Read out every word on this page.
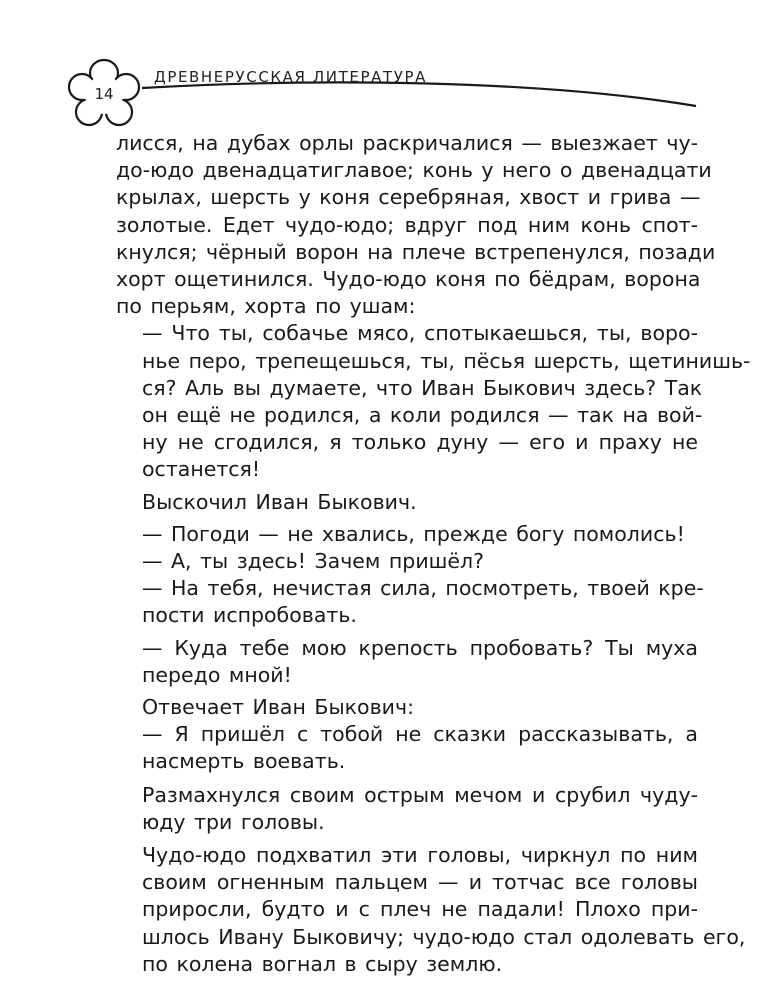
14
ДРЕВНЕРУССКАЯ ЛИТЕРАТУРА

лисся, на дубах орлы раскричалися — выезжает чу-
до-юдо двенадцатиглавое; конь у него о двенадцати
крылах, шерсть у коня серебряная, хвост и грива —
золотые. Едет чудо-юдо; вдруг под ним конь спот-
кнулся; чёрный ворон на плече встрепенулся, позади
хорт ощетинился. Чудо-юдо коня по бёдрам, ворона
по перьям, хорта по ушам:

— Что ты, собачье мясо, спотыкаешься, ты, воро-
нье перо, трепещешься, ты, пёсья шерсть, щетинишь-
ся? Аль вы думаете, что Иван Быкович здесь? Так
он ещё не родился, а коли родился — так на вой-
ну не сгодился, я только дуну — его и праху не
останется!

Выскочил Иван Быкович.

— Погоди — не хвались, прежде богу помолись!

— А, ты здесь! Зачем пришёл?

— На тебя, нечистая сила, посмотреть, твоей кре-
пости испробовать.

— Куда тебе мою крепость пробовать? Ты муха
передо мной!

Отвечает Иван Быкович:

— Я пришёл с тобой не сказки рассказывать, а
насмерть воевать.

Размахнулся своим острым мечом и срубил чуду-
юду три головы.

Чудо-юдо подхватил эти головы, чиркнул по ним
своим огненным пальцем — и тотчас все головы
приросли, будто и с плеч не падали! Плохо при-
шлось Ивану Быковичу; чудо-юдо стал одолевать его,
по колена вогнал в сыру землю.
